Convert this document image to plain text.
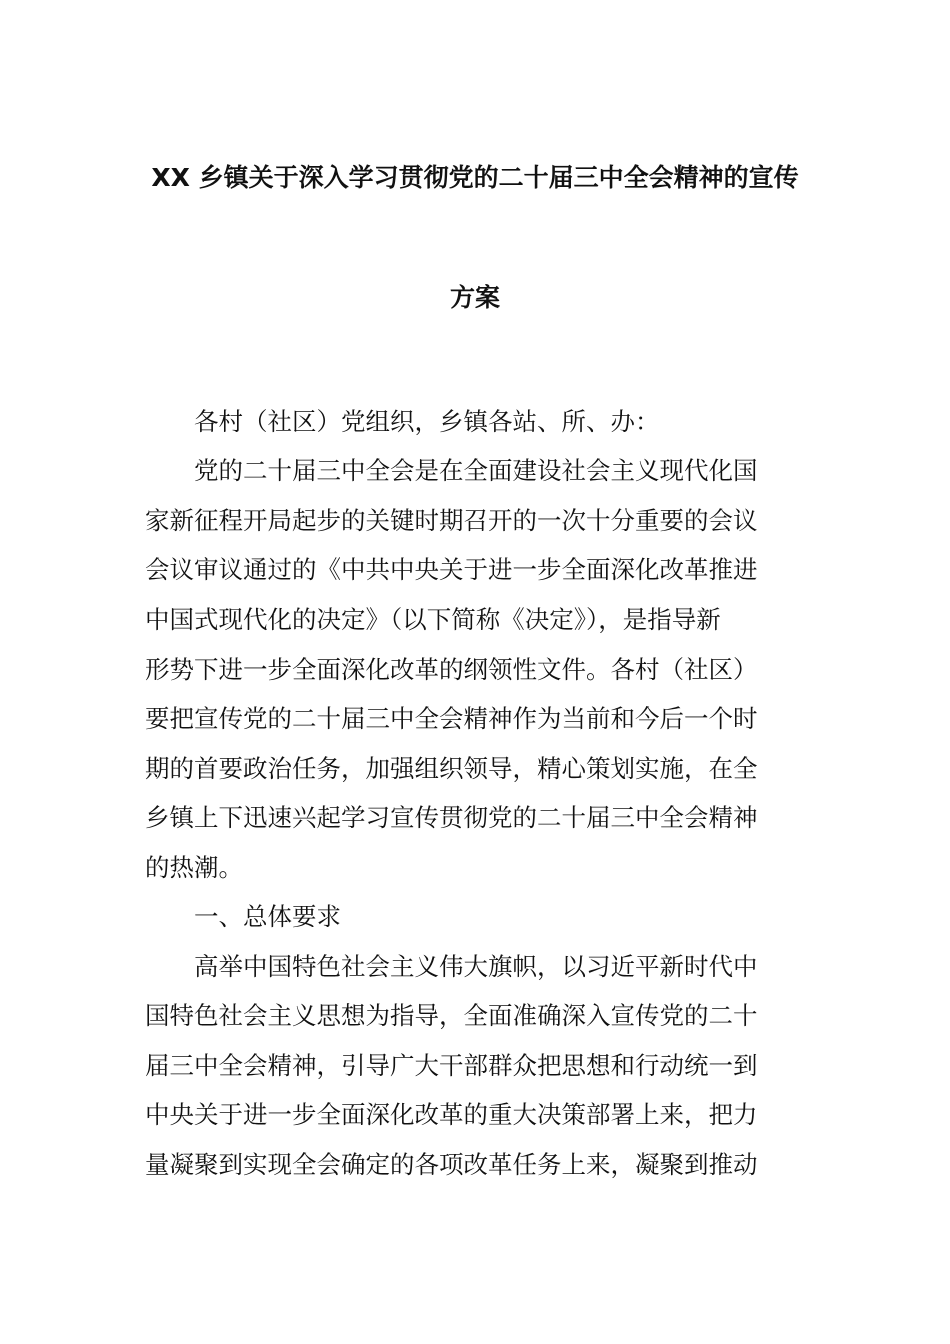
XX 乡镇关于深入学习贯彻党的二十届三中全会精神的宣传
方案
　　各村（社区）党组织，乡镇各站、所、办：
　　党的二十届三中全会是在全面建设社会主义现代化国
家新征程开局起步的关键时期召开的一次十分重要的会议
会议审议通过的《中共中央关于进一步全面深化改革推进
中国式现代化的决定》（以下简称《决定》），是指导新
形势下进一步全面深化改革的纲领性文件。各村（社区）
要把宣传党的二十届三中全会精神作为当前和今后一个时
期的首要政治任务，加强组织领导，精心策划实施，在全
乡镇上下迅速兴起学习宣传贯彻党的二十届三中全会精神
的热潮。
　　一、总体要求
　　高举中国特色社会主义伟大旗帜，以习近平新时代中
国特色社会主义思想为指导，全面准确深入宣传党的二十
届三中全会精神，引导广大干部群众把思想和行动统一到
中央关于进一步全面深化改革的重大决策部署上来，把力
量凝聚到实现全会确定的各项改革任务上来，凝聚到推动
